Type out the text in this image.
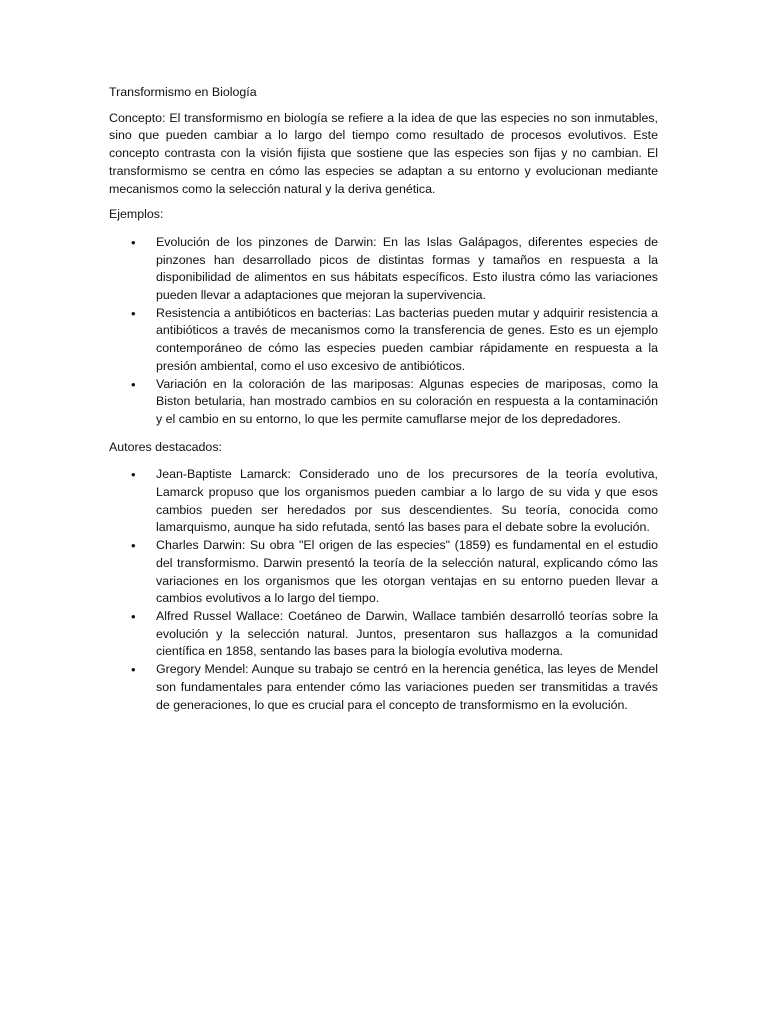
Transformismo en Biología

Concepto: El transformismo en biología se refiere a la idea de que las especies no son inmutables, sino que pueden cambiar a lo largo del tiempo como resultado de procesos evolutivos. Este concepto contrasta con la visión fijista que sostiene que las especies son fijas y no cambian. El transformismo se centra en cómo las especies se adaptan a su entorno y evolucionan mediante mecanismos como la selección natural y la deriva genética.

Ejemplos:

• Evolución de los pinzones de Darwin: En las Islas Galápagos, diferentes especies de pinzones han desarrollado picos de distintas formas y tamaños en respuesta a la disponibilidad de alimentos en sus hábitats específicos. Esto ilustra cómo las variaciones pueden llevar a adaptaciones que mejoran la supervivencia.
• Resistencia a antibióticos en bacterias: Las bacterias pueden mutar y adquirir resistencia a antibióticos a través de mecanismos como la transferencia de genes. Esto es un ejemplo contemporáneo de cómo las especies pueden cambiar rápidamente en respuesta a la presión ambiental, como el uso excesivo de antibióticos.
• Variación en la coloración de las mariposas: Algunas especies de mariposas, como la Biston betularia, han mostrado cambios en su coloración en respuesta a la contaminación y el cambio en su entorno, lo que les permite camuflarse mejor de los depredadores.

Autores destacados:

• Jean-Baptiste Lamarck: Considerado uno de los precursores de la teoría evolutiva, Lamarck propuso que los organismos pueden cambiar a lo largo de su vida y que esos cambios pueden ser heredados por sus descendientes. Su teoría, conocida como lamarquismo, aunque ha sido refutada, sentó las bases para el debate sobre la evolución.
• Charles Darwin: Su obra "El origen de las especies" (1859) es fundamental en el estudio del transformismo. Darwin presentó la teoría de la selección natural, explicando cómo las variaciones en los organismos que les otorgan ventajas en su entorno pueden llevar a cambios evolutivos a lo largo del tiempo.
• Alfred Russel Wallace: Coetáneo de Darwin, Wallace también desarrolló teorías sobre la evolución y la selección natural. Juntos, presentaron sus hallazgos a la comunidad científica en 1858, sentando las bases para la biología evolutiva moderna.
• Gregory Mendel: Aunque su trabajo se centró en la herencia genética, las leyes de Mendel son fundamentales para entender cómo las variaciones pueden ser transmitidas a través de generaciones, lo que es crucial para el concepto de transformismo en la evolución.
